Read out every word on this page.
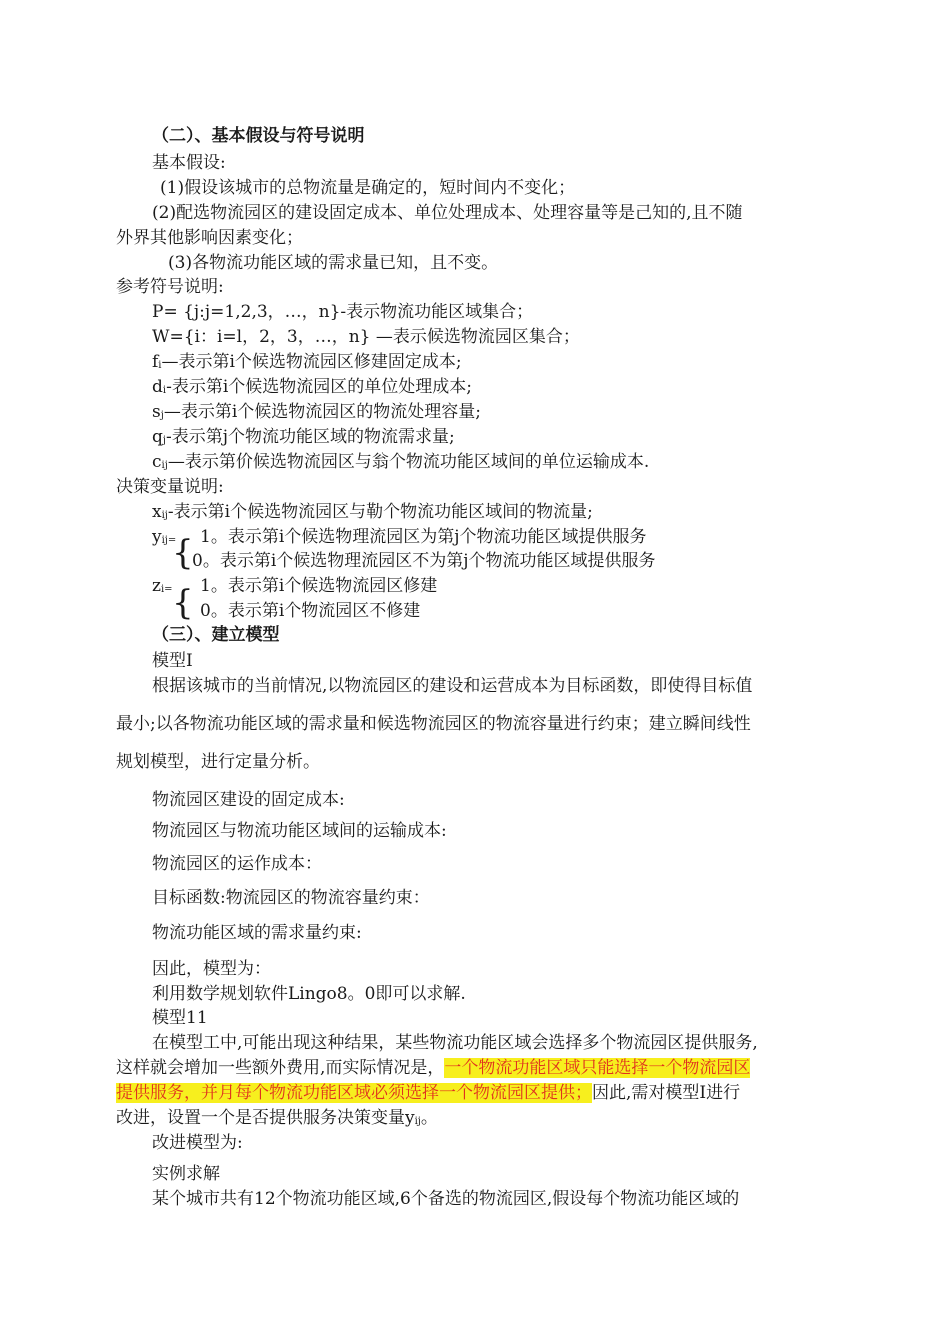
（二）、基本假设与符号说明
基本假设:
(1)假设该城市的总物流量是确定的，短时间内不变化；
(2)配选物流园区的建设固定成本、单位处理成本、处理容量等是己知的,且不随
外界其他影响因素变化；
(3)各物流功能区域的需求量已知，且不变。
参考符号说明:
P= {j:j=1,2,3，…，n}-表示物流功能区域集合；
W={i：i=l，2，3，…，n} —表示候选物流园区集合；
$f_i—$表示第i个候选物流园区修建固定成本;
$d_i-$表示第i个候选物流园区的单位处理成本;
$s_j—$表示第i个候选物流园区的物流处理容量;
$q_j-$表示第j个物流功能区域的物流需求量;
$c_{ij}—$表示第价候选物流园区与翁个物流功能区域间的单位运输成本.
决策变量说明:
$x_{ij}-$表示第i个候选物流园区与勒个物流功能区域间的物流量;
$y_{ij=}$ 1。表示第i个候选物理流园区为第j个物流功能区域提供服务
{
0。表示第i个候选物理流园区不为第j个物流功能区域提供服务
$z_{i=}$ 1。表示第i个候选物流园区修建
{ 0。表示第i个物流园区不修建
（三）、建立模型
模型I
根据该城市的当前情况,以物流园区的建设和运营成本为目标函数，即使得目标值
最小;以各物流功能区域的需求量和候选物流园区的物流容量进行约束；建立瞬间线性
规划模型，进行定量分析。
物流园区建设的固定成本:
物流园区与物流功能区域间的运输成本:
物流园区的运作成本：
目标函数:物流园区的物流容量约束：
物流功能区域的需求量约束:
因此，模型为：
利用数学规划软件Lingo8。0即可以求解.
模型11
在模型工中,可能出现这种结果，某些物流功能区域会选择多个物流园区提供服务,
这样就会增加一些额外费用,而实际情况是，一个物流功能区域只能选择一个物流园区
提供服务，并月每个物流功能区域必须选择一个物流园区提供；因此,需对模型I进行
改进，设置一个是否提供服务决策变量$y_{ij}$。
改进模型为:
实例求解
某个城市共有12个物流功能区域,6个备选的物流园区,假设每个物流功能区域的
